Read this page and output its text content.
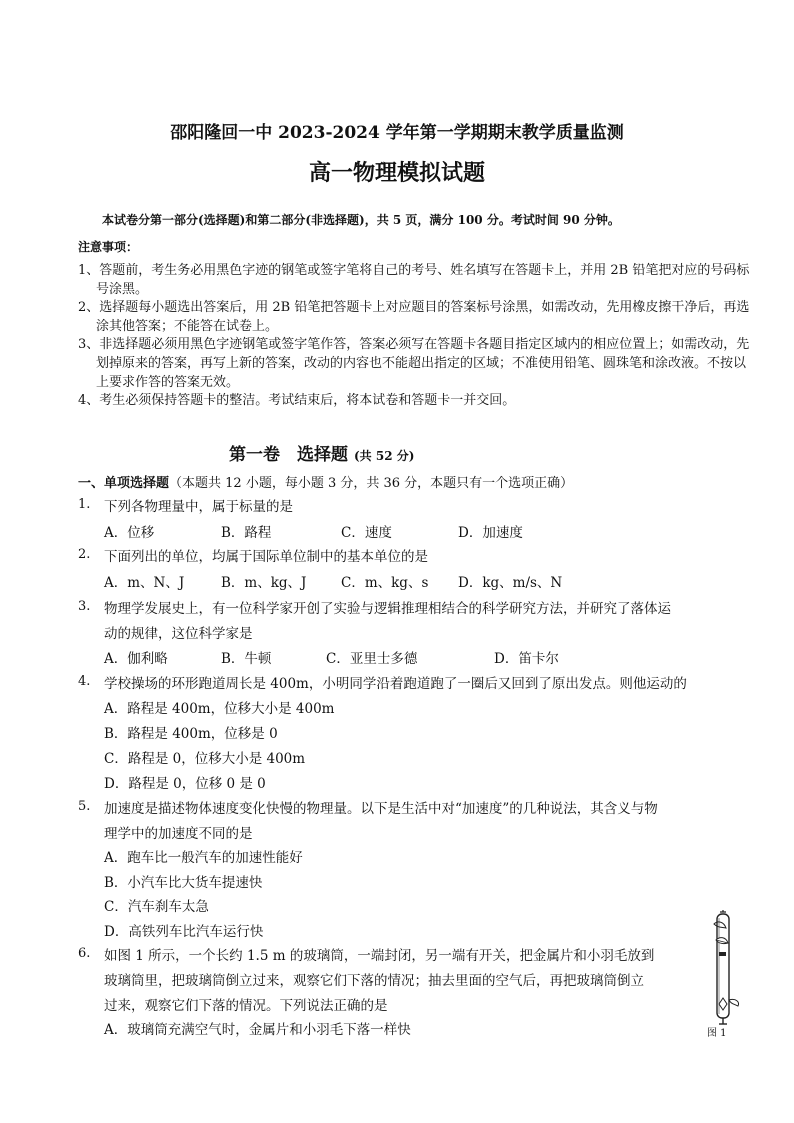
邵阳隆回一中 2023-2024 学年第一学期期末教学质量监测
高一物理模拟试题
本试卷分第一部分(选择题)和第二部分(非选择题)，共 5 页，满分 100 分。考试时间 90 分钟。
注意事项：

1、答题前，考生务必用黑色字迹的钢笔或签字笔将自己的考号、姓名填写在答题卡上，并用 2B 铅笔把对应的号码标号涂黑。

2、选择题每小题选出答案后，用 2B 铅笔把答题卡上对应题目的答案标号涂黑，如需改动，先用橡皮擦干净后，再选涂其他答案；不能答在试卷上。

3、非选择题必须用黑色字迹钢笔或签字笔作答，答案必须写在答题卡各题目指定区域内的相应位置上；如需改动，先划掉原来的答案，再写上新的答案，改动的内容也不能超出指定的区域；不准使用铅笔、圆珠笔和涂改液。不按以上要求作答的答案无效。

4、考生必须保持答题卡的整洁。考试结束后，将本试卷和答题卡一并交回。

第一卷　选择题 (共 52 分)
一、单项选择题（本题共 12 小题，每小题 3 分，共 36 分，本题只有一个选项正确）
1. 下列各物理量中，属于标量的是
A．位移	B．路程	C．速度	D．加速度
2. 下面列出的单位，均属于国际单位制中的基本单位的是
A．m、N、J	B．m、kg、J	C．m、kg、s D．kg、m/s、N
3. 物理学发展史上，有一位科学家开创了实验与逻辑推理相结合的科学研究方法，并研究了落体运
动的规律，这位科学家是
A．伽利略	B．牛顿	C．亚里士多德	D．笛卡尔
4. 学校操场的环形跑道周长是 400m，小明同学沿着跑道跑了一圈后又回到了原出发点。则他运动的
A．路程是 400m，位移大小是 400m
B．路程是 400m，位移是 0
C．路程是 0，位移大小是 400m
D．路程是 0，位移 0 是 0
5. 加速度是描述物体速度变化快慢的物理量。以下是生活中对“加速度”的几种说法，其含义与物
理学中的加速度不同的是
A．跑车比一般汽车的加速性能好
B．小汽车比大货车提速快
C．汽车刹车太急
D．高铁列车比汽车运行快
6. 如图 1 所示，一个长约 1.5 m 的玻璃筒，一端封闭，另一端有开关，把金属片和小羽毛放到
玻璃筒里，把玻璃筒倒立过来，观察它们下落的情况；抽去里面的空气后，再把玻璃筒倒立
过来，观察它们下落的情况。下列说法正确的是
A．玻璃筒充满空气时，金属片和小羽毛下落一样快	图 1
